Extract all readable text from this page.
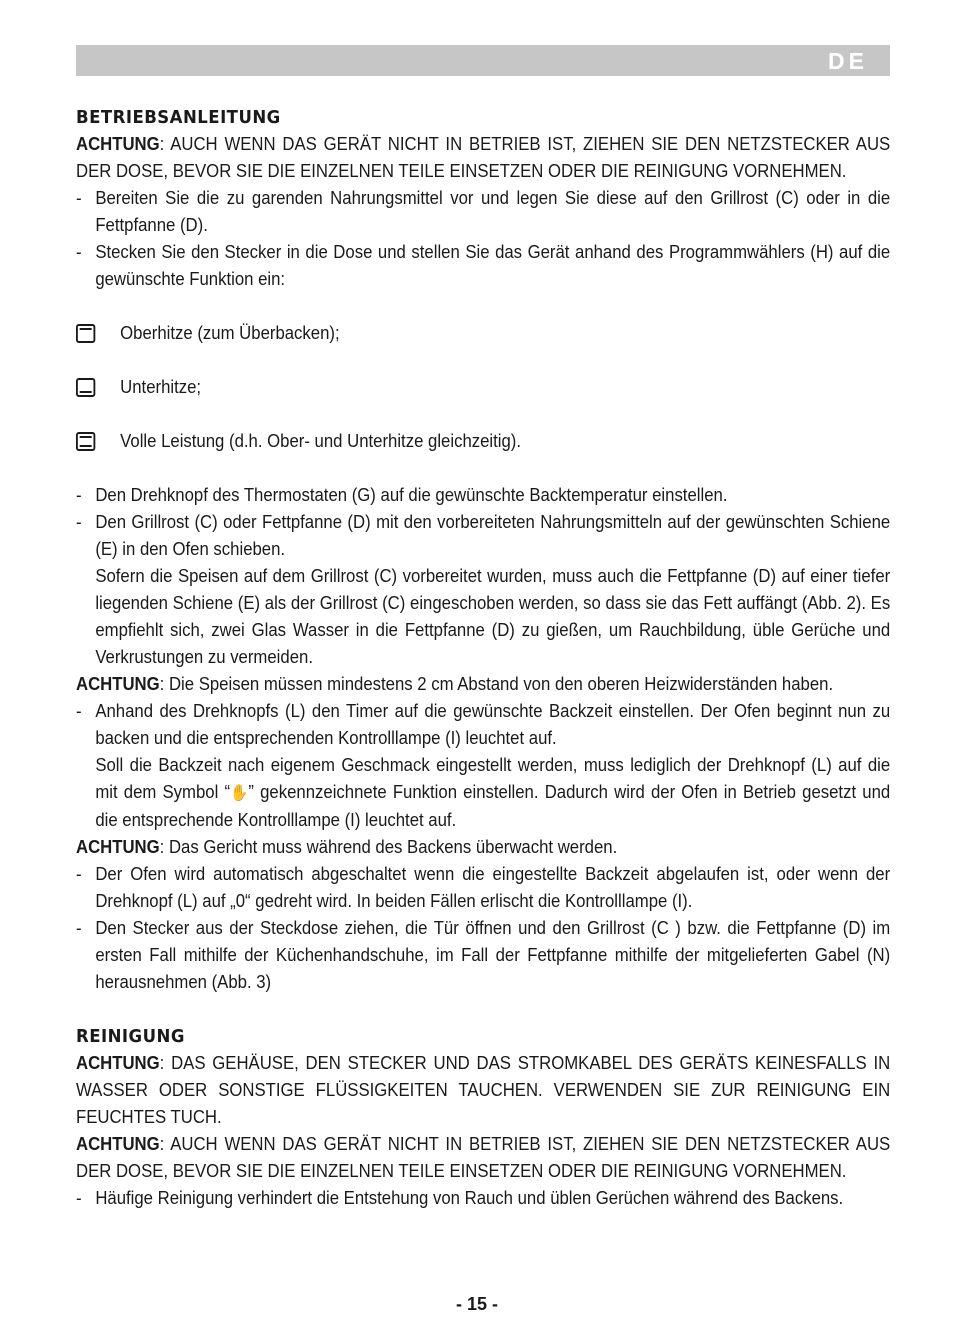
DE
BETRIEBSANLEITUNG
ACHTUNG: AUCH WENN DAS GERÄT NICHT IN BETRIEB IST, ZIEHEN SIE DEN NETZSTECKER AUS DER DOSE, BEVOR SIE DIE EINZELNEN TEILE EINSETZEN ODER DIE REINIGUNG VORNEHMEN.
- Bereiten Sie die zu garenden Nahrungsmittel vor und legen Sie diese auf den Grillrost (C) oder in die Fettpfanne (D).
- Stecken Sie den Stecker in die Dose und stellen Sie das Gerät anhand des Programmwählers (H) auf die gewünschte Funktion ein:
Oberhitze (zum Überbacken);
Unterhitze;
Volle Leistung (d.h. Ober- und Unterhitze gleichzeitig).
- Den Drehknopf des Thermostaten (G) auf die gewünschte Backtemperatur einstellen.
- Den Grillrost (C) oder Fettpfanne (D) mit den vorbereiteten Nahrungsmitteln auf der gewünschten Schiene (E) in den Ofen schieben.
Sofern die Speisen auf dem Grillrost (C) vorbereitet wurden, muss auch die Fettpfanne (D) auf einer tiefer liegenden Schiene (E) als der Grillrost (C) eingeschoben werden, so dass sie das Fett auffängt (Abb. 2). Es empfiehlt sich, zwei Glas Wasser in die Fettpfanne (D) zu gießen, um Rauchbildung, üble Gerüche und Verkrustungen zu vermeiden.
ACHTUNG: Die Speisen müssen mindestens 2 cm Abstand von den oberen Heizwiderständen haben.
- Anhand des Drehknopfs (L) den Timer auf die gewünschte Backzeit einstellen. Der Ofen beginnt nun zu backen und die entsprechenden Kontrolllampe (I) leuchtet auf.
Soll die Backzeit nach eigenem Geschmack eingestellt werden, muss lediglich der Drehknopf (L) auf die mit dem Symbol “✋” gekennzeichnete Funktion einstellen. Dadurch wird der Ofen in Betrieb gesetzt und die entsprechende Kontrolllampe (I) leuchtet auf.
ACHTUNG: Das Gericht muss während des Backens überwacht werden.
- Der Ofen wird automatisch abgeschaltet wenn die eingestellte Backzeit abgelaufen ist, oder wenn der Drehknopf (L) auf „0“ gedreht wird. In beiden Fällen erlischt die Kontrolllampe (I).
- Den Stecker aus der Steckdose ziehen, die Tür öffnen und den Grillrost (C ) bzw. die Fettpfanne (D) im ersten Fall mithilfe der Küchenhandschuhe, im Fall der Fettpfanne mithilfe der mitgelieferten Gabel (N) herausnehmen (Abb. 3)
REINIGUNG
ACHTUNG: DAS GEHÄUSE, DEN STECKER UND DAS STROMKABEL DES GERÄTS KEINESFALLS IN WASSER ODER SONSTIGE FLÜSSIGKEITEN TAUCHEN. VERWENDEN SIE ZUR REINIGUNG EIN FEUCHTES TUCH.
ACHTUNG: AUCH WENN DAS GERÄT NICHT IN BETRIEB IST, ZIEHEN SIE DEN NETZSTECKER AUS DER DOSE, BEVOR SIE DIE EINZELNEN TEILE EINSETZEN ODER DIE REINIGUNG VORNEHMEN.
- Häufige Reinigung verhindert die Entstehung von Rauch und üblen Gerüchen während des Backens.
- 15 -
